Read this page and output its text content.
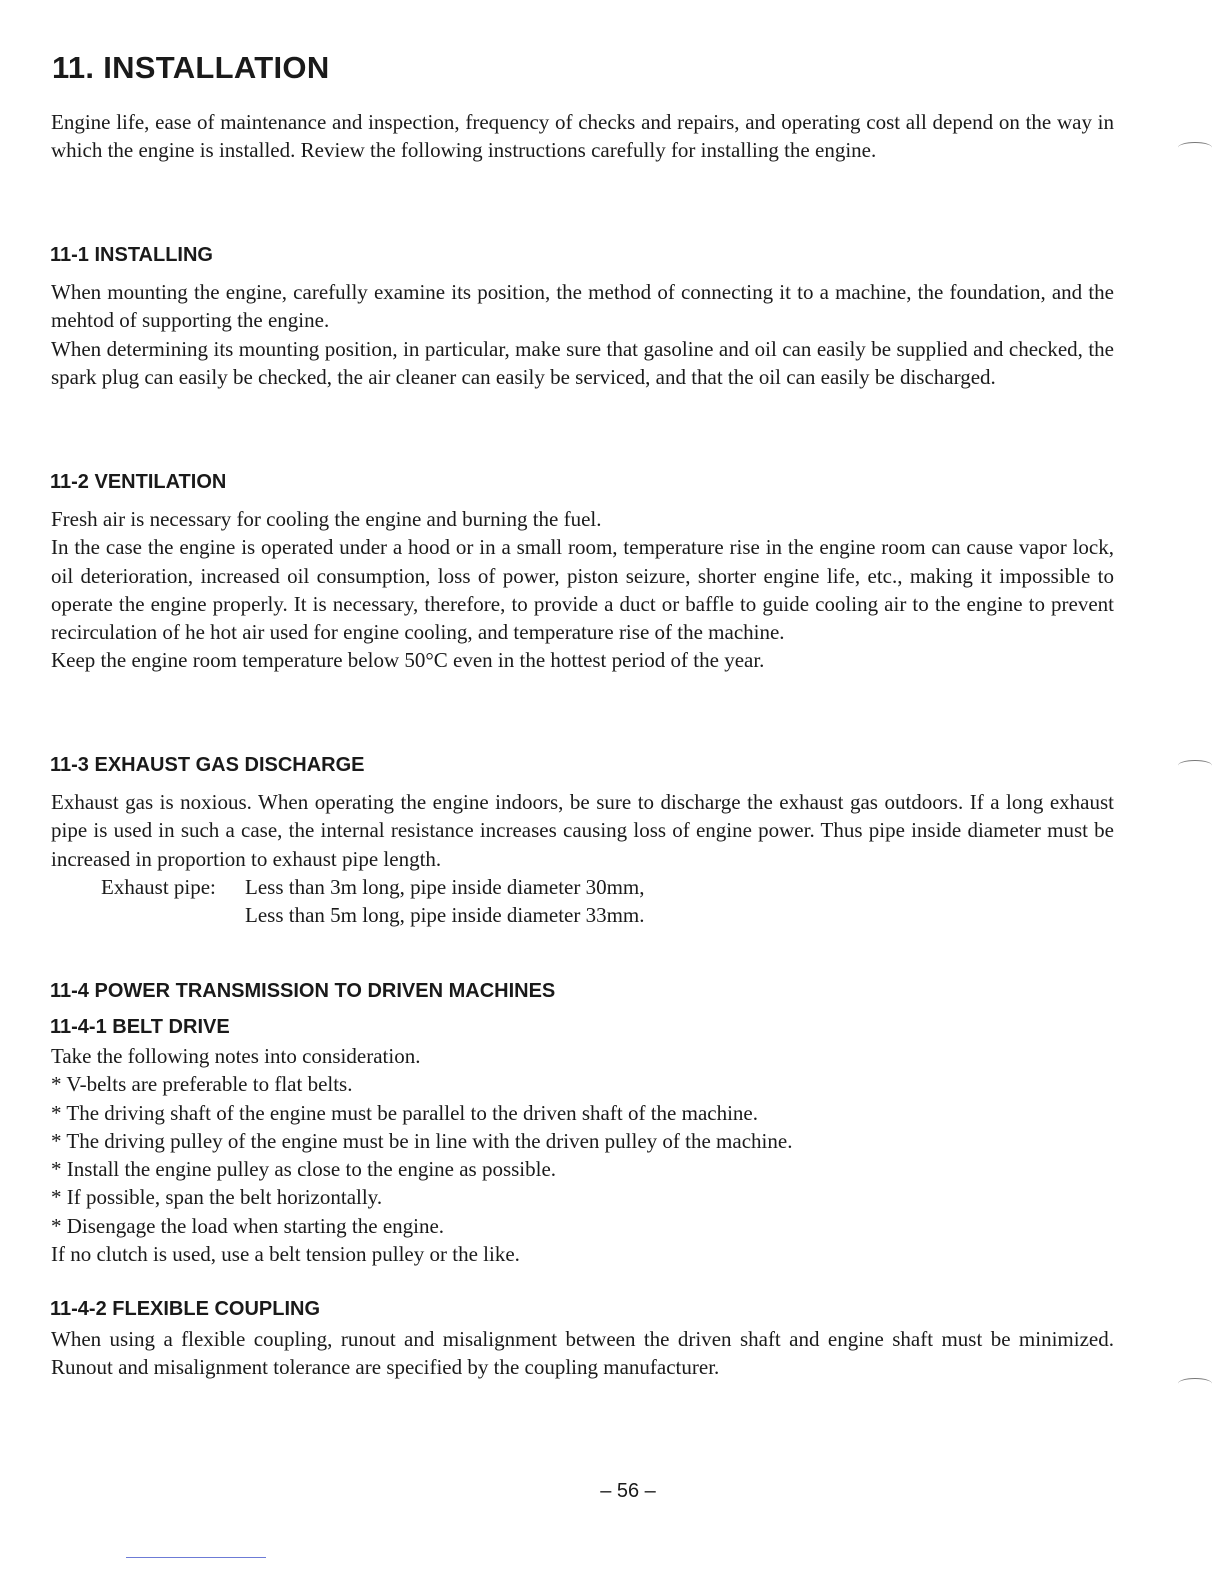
11. INSTALLATION

Engine life, ease of maintenance and inspection, frequency of checks and repairs, and operating cost all depend on the way in which the engine is installed. Review the following instructions carefully for installing the engine.

11-1 INSTALLING

When mounting the engine, carefully examine its position, the method of connecting it to a machine, the foundation, and the mehtod of supporting the engine.

When determining its mounting position, in particular, make sure that gasoline and oil can easily be supplied and checked, the spark plug can easily be checked, the air cleaner can easily be serviced, and that the oil can easily be discharged.

11-2 VENTILATION

Fresh air is necessary for cooling the engine and burning the fuel.

In the case the engine is operated under a hood or in a small room, temperature rise in the engine room can cause vapor lock, oil deterioration, increased oil consumption, loss of power, piston seizure, shorter engine life, etc., making it impossible to operate the engine properly. It is necessary, therefore, to provide a duct or baffle to guide cooling air to the engine to prevent recirculation of he hot air used for engine cooling, and temperature rise of the machine.

Keep the engine room temperature below 50°C even in the hottest period of the year.

11-3 EXHAUST GAS DISCHARGE

Exhaust gas is noxious. When operating the engine indoors, be sure to discharge the exhaust gas outdoors. If a long exhaust pipe is used in such a case, the internal resistance increases causing loss of engine power. Thus pipe inside diameter must be increased in proportion to exhaust pipe length.

Exhaust pipe:	Less than 3m long, pipe inside diameter 30mm,
Less than 5m long, pipe inside diameter 33mm.
11-4 POWER TRANSMISSION TO DRIVEN MACHINES
11-4-1 BELT DRIVE

Take the following notes into consideration.

* V-belts are preferable to flat belts.

* The driving shaft of the engine must be parallel to the driven shaft of the machine.

* The driving pulley of the engine must be in line with the driven pulley of the machine.

* Install the engine pulley as close to the engine as possible.

* If possible, span the belt horizontally.

* Disengage the load when starting the engine.

If no clutch is used, use a belt tension pulley or the like.

11-4-2 FLEXIBLE COUPLING

When using a flexible coupling, runout and misalignment between the driven shaft and engine shaft must be minimized. Runout and misalignment tolerance are specified by the coupling manufacturer.

– 56 –
